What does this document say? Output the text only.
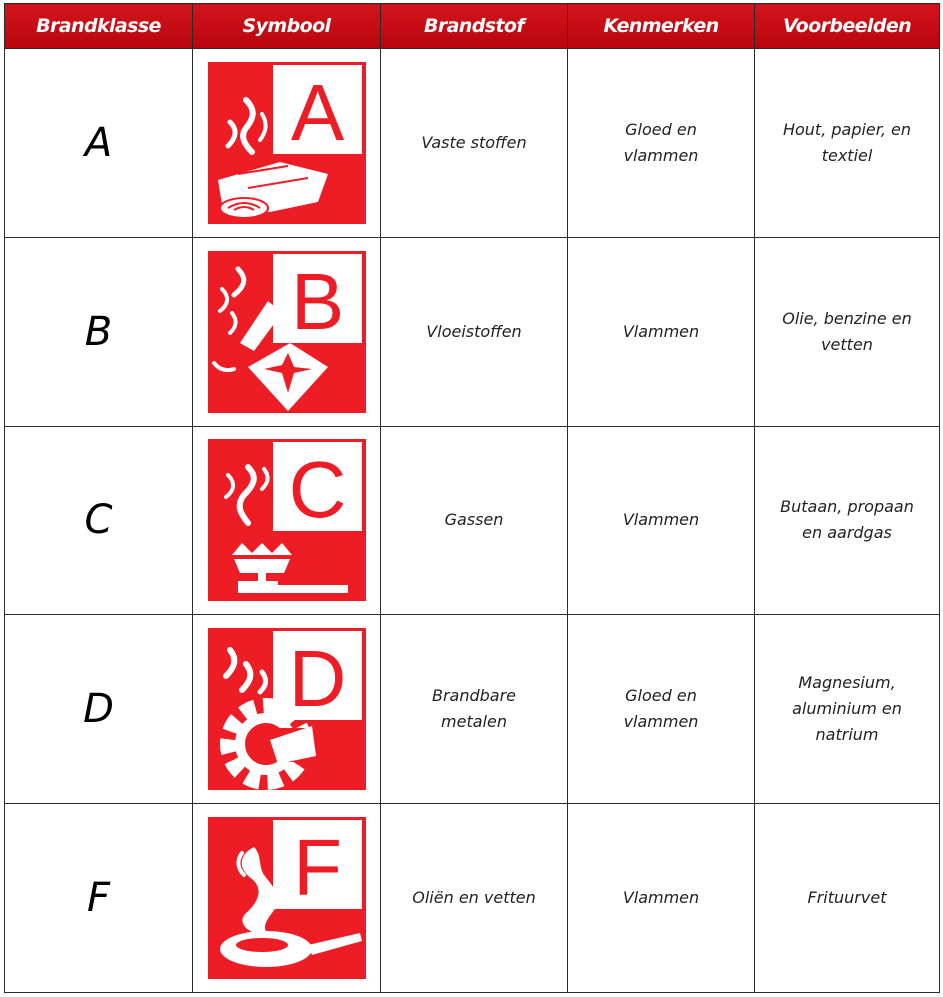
Brandklasse	Symbool	Brandstof	Kenmerken	Voorbeelden
A	A	Vaste stoffen	Gloed en vlammen	Hout, papier, en textiel
B	B	Vloeistoffen	Vlammen	Olie, benzine en vetten
C	C	Gassen	Vlammen	Butaan, propaan en aardgas
D	D	Brandbare metalen	Gloed en vlammen	Magnesium, aluminium en natrium
F	F	Oliën en vetten	Vlammen	Frituurvet
